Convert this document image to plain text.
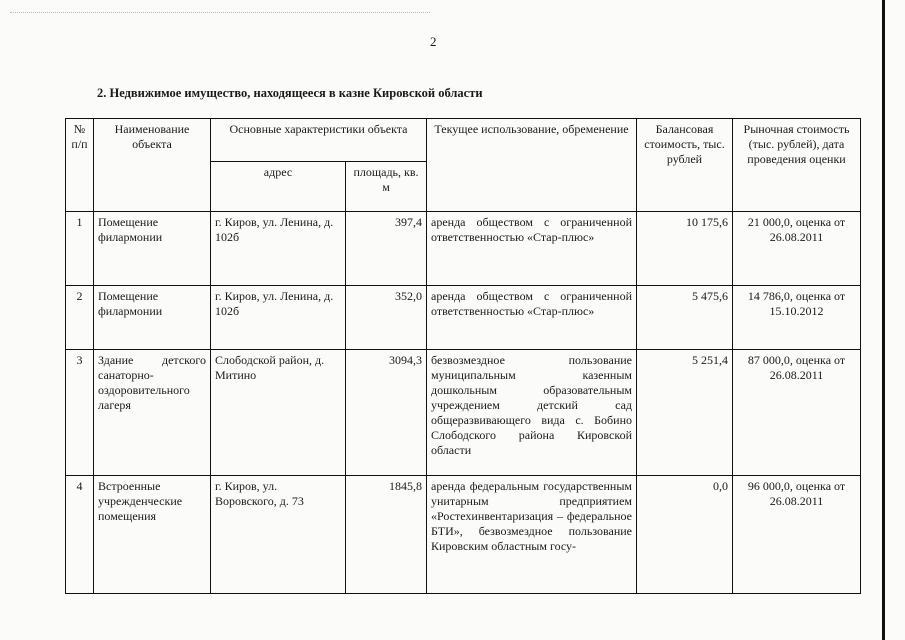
2
2. Недвижимое имущество, находящееся в казне Кировской области
№ п/п	Наименование объекта	Основные характеристики объекта		Текущее использование, обременение	Балансовая стоимость, тыс. рублей	Рыночная стоимость (тыс. рублей), дата проведения оценки
		адрес	площадь, кв. м			
1	Помещение филармонии	г. Киров, ул. Ленина, д. 102б	397,4	аренда обществом с ограниченной ответственностью «Стар-плюс»	10 175,6	21 000,0, оценка от 26.08.2011
2	Помещение филармонии	г. Киров, ул. Ленина, д. 102б	352,0	аренда обществом с ограниченной ответственностью «Стар-плюс»	5 475,6	14 786,0, оценка от 15.10.2012
3	Здание детского санаторно-оздоровительного лагеря	Слободской район, д. Митино	3094,3	безвозмездное пользование муниципальным казенным дошкольным образовательным учреждением детский сад общеразвивающего вида с. Бобино Слободского района Кировской области	5 251,4	87 000,0, оценка от 26.08.2011
4	Встроенные учрежденческие помещения	г. Киров, ул. Воровского, д. 73	1845,8	аренда федеральным государственным унитарным предприятием «Ростехинвентаризация – федеральное БТИ», безвозмездное пользование Кировским областным госу-	0,0	96 000,0, оценка от 26.08.2011
